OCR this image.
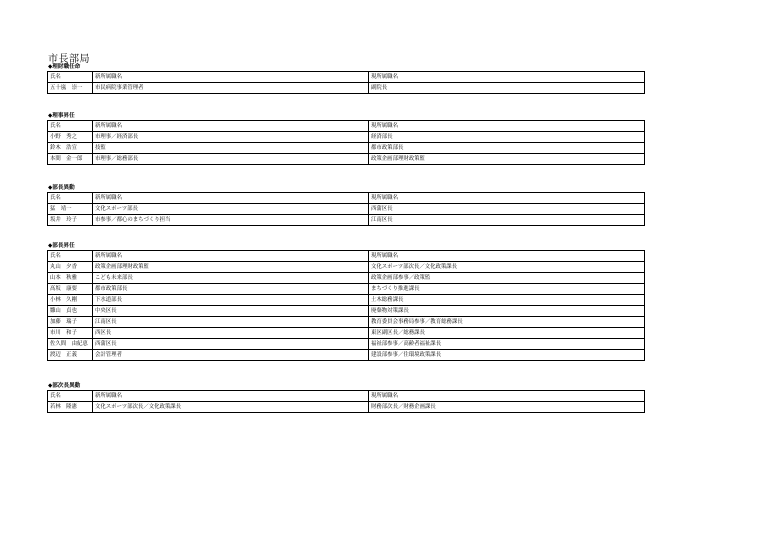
市長部局
◆理財職任命
氏名	新所属職名	現所属職名
五十嵐　崇一	市民病院事業管理者	副院長
◆理事昇任
氏名	新所属職名	現所属職名
小野　秀之	市理事／経済部長	経済部長
鈴木　浩宣	技監	都市政策部長
本間　金一郎	市理事／総務部長	政策企画部理財政策監
◆部長異動
氏名	新所属職名	現所属職名
猛　靖一	文化スポーツ部長	西蒲区長
坂井　玲子	市参事／都心のまちづくり担当	江南区長
◆部長昇任
氏名	新所属職名	現所属職名
丸山　夕香	政策企画部理財政策監	文化スポーツ部次長／文化政策課長
山本　秋雅	こども未来部長	政策企画部参事／政策監
髙坂　康要	都市政策部長	まちづくり推進課長
小林　久剛	下水道部長	土木総務課長
雛山　貞也	中央区長	廃棄物対策課長
加藤　瑞子	江南区長	教育委員会事務局参事／教育総務課長
市川　和子	西区長	東区副区長／総務課長
佐久間　由紀恵	西蒲区長	福祉部参事／高齢者福祉課長
渡辺　正義	会計管理者	建設部参事／住環境政策課長
◆部次長異動
氏名	新所属職名	現所属職名
若林　隆憲	文化スポーツ部次長／文化政策課長	財務部次長／財務企画課長
